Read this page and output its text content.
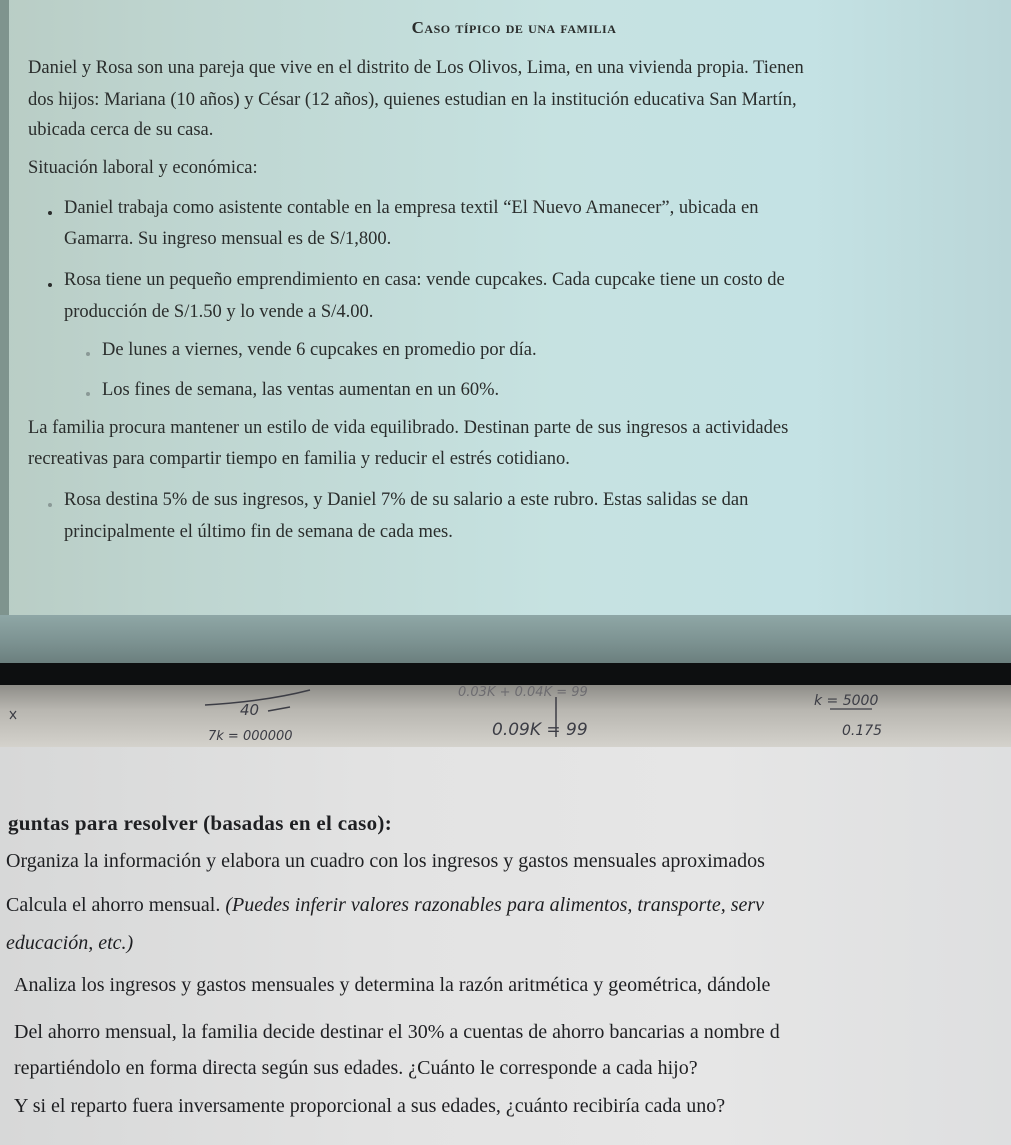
Caso típico de una familia
Daniel y Rosa son una pareja que vive en el distrito de Los Olivos, Lima, en una vivienda propia. Tienen
dos hijos: Mariana (10 años) y César (12 años), quienes estudian en la institución educativa San Martín,
ubicada cerca de su casa.
Situación laboral y económica:
Daniel trabaja como asistente contable en la empresa textil “El Nuevo Amanecer”, ubicada en
Gamarra. Su ingreso mensual es de S/1,800.
Rosa tiene un pequeño emprendimiento en casa: vende cupcakes. Cada cupcake tiene un costo de
producción de S/1.50 y lo vende a S/4.00.
De lunes a viernes, vende 6 cupcakes en promedio por día.
Los fines de semana, las ventas aumentan en un 60%.
La familia procura mantener un estilo de vida equilibrado. Destinan parte de sus ingresos a actividades
recreativas para compartir tiempo en familia y reducir el estrés cotidiano.
Rosa destina 5% de sus ingresos, y Daniel 7% de su salario a este rubro. Estas salidas se dan
principalmente el último fin de semana de cada mes.
40
0.09K = 99
0.03K + 0.04K = 99
k = 5000
0.175
7k = 000000
guntas para resolver (basadas en el caso):
Organiza la información y elabora un cuadro con los ingresos y gastos mensuales aproximados
Calcula el ahorro mensual. (Puedes inferir valores razonables para alimentos, transporte, serv
educación, etc.)
Analiza los ingresos y gastos mensuales y determina la razón aritmética y geométrica, dándole
Del ahorro mensual, la familia decide destinar el 30% a cuentas de ahorro bancarias a nombre d
repartiéndolo en forma directa según sus edades. ¿Cuánto le corresponde a cada hijo?
Y si el reparto fuera inversamente proporcional a sus edades, ¿cuánto recibiría cada uno?
